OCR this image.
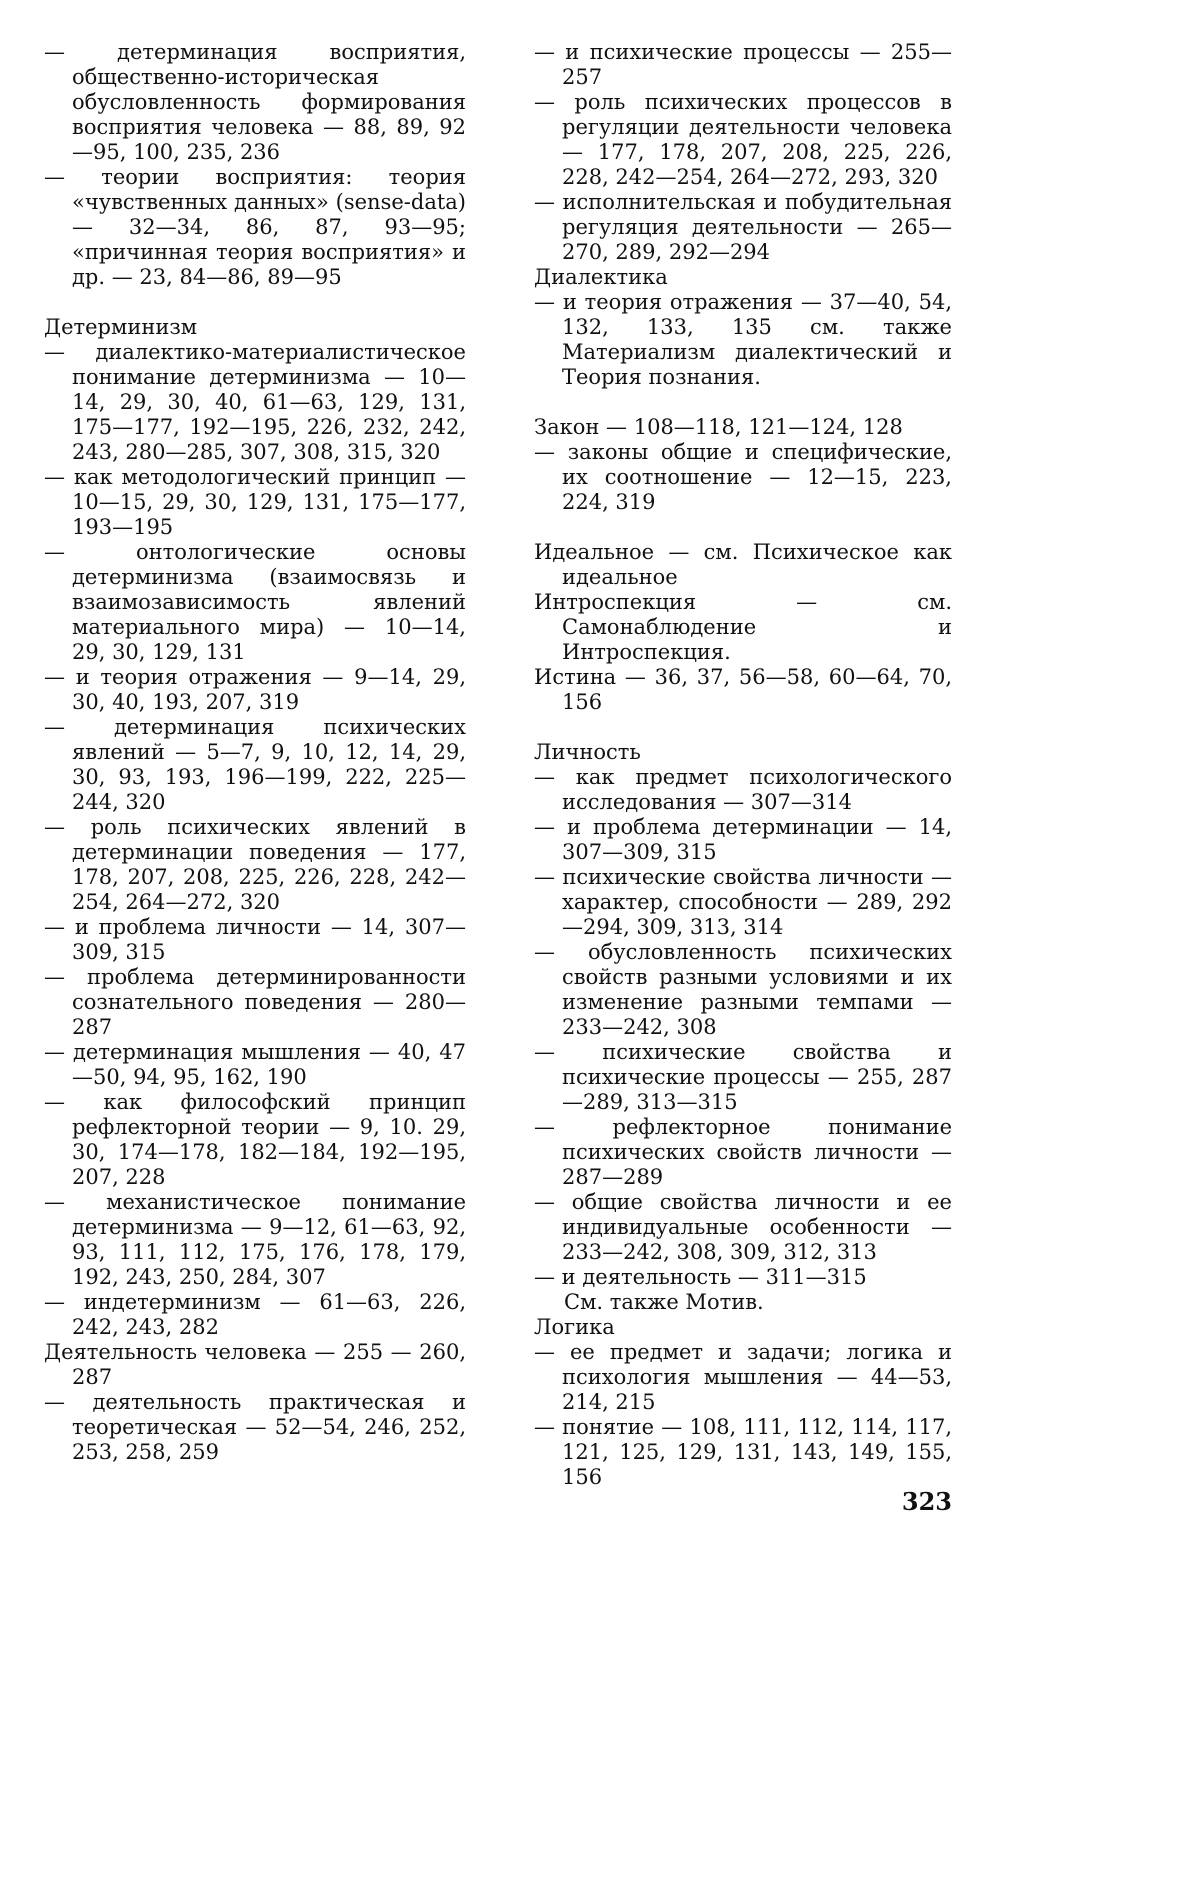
— детерминация восприятия, общественно-историческая обусловленность формирования восприятия человека — 88, 89, 92—95, 100, 235, 236

— теории восприятия: теория «чувственных данных» (sense-data) — 32—34, 86, 87, 93—95; «причинная теория восприятия» и др. — 23, 84—86, 89—95

Детерминизм

— диалектико-материалистическое понимание детерминизма — 10—14, 29, 30, 40, 61—63, 129, 131, 175—177, 192—195, 226, 232, 242, 243, 280—285, 307, 308, 315, 320

— как методологический принцип — 10—15, 29, 30, 129, 131, 175—177, 193—195

— онтологические основы детерминизма (взаимосвязь и взаимозависимость явлений материального мира) — 10—14, 29, 30, 129, 131

— и теория отражения — 9—14, 29, 30, 40, 193, 207, 319

— детерминация психических явлений — 5—7, 9, 10, 12, 14, 29, 30, 93, 193, 196—199, 222, 225—244, 320

— роль психических явлений в детерминации поведения — 177, 178, 207, 208, 225, 226, 228, 242—254, 264—272, 320

— и проблема личности — 14, 307—309, 315

— проблема детерминированности сознательного поведения — 280—287

— детерминация мышления — 40, 47—50, 94, 95, 162, 190

— как философский принцип рефлекторной теории — 9, 10. 29, 30, 174—178, 182—184, 192—195, 207, 228

— механистическое понимание детерминизма — 9—12, 61—63, 92, 93, 111, 112, 175, 176, 178, 179, 192, 243, 250, 284, 307

— индетерминизм — 61—63, 226, 242, 243, 282

Деятельность человека — 255 — 260, 287

— деятельность практическая и теоретическая — 52—54, 246, 252, 253, 258, 259

— и психические процессы — 255—257

— роль психических процессов в регуляции деятельности человека — 177, 178, 207, 208, 225, 226, 228, 242—254, 264—272, 293, 320

— исполнительская и побудительная регуляция деятельности — 265—270, 289, 292—294

Диалектика

— и теория отражения — 37—40, 54, 132, 133, 135 см. также Материализм диалектический и Теория познания.

Закон — 108—118, 121—124, 128

— законы общие и специфические, их соотношение — 12—15, 223, 224, 319

Идеальное — см. Психическое как идеальное

Интроспекция — см. Самонаблюдение и Интроспекция.

Истина — 36, 37, 56—58, 60—64, 70, 156

Личность

— как предмет психологического исследования — 307—314

— и проблема детерминации — 14, 307—309, 315

— психические свойства личности — характер, способности — 289, 292—294, 309, 313, 314

— обусловленность психических свойств разными условиями и их изменение разными темпами — 233—242, 308

— психические свойства и психические процессы — 255, 287—289, 313—315

— рефлекторное понимание психических свойств личности — 287—289

— общие свойства личности и ее индивидуальные особенности — 233—242, 308, 309, 312, 313

— и деятельность — 311—315

См. также Мотив.

Логика

— ее предмет и задачи; логика и психология мышления — 44—53, 214, 215

— понятие — 108, 111, 112, 114, 117, 121, 125, 129, 131, 143, 149, 155, 156

323
